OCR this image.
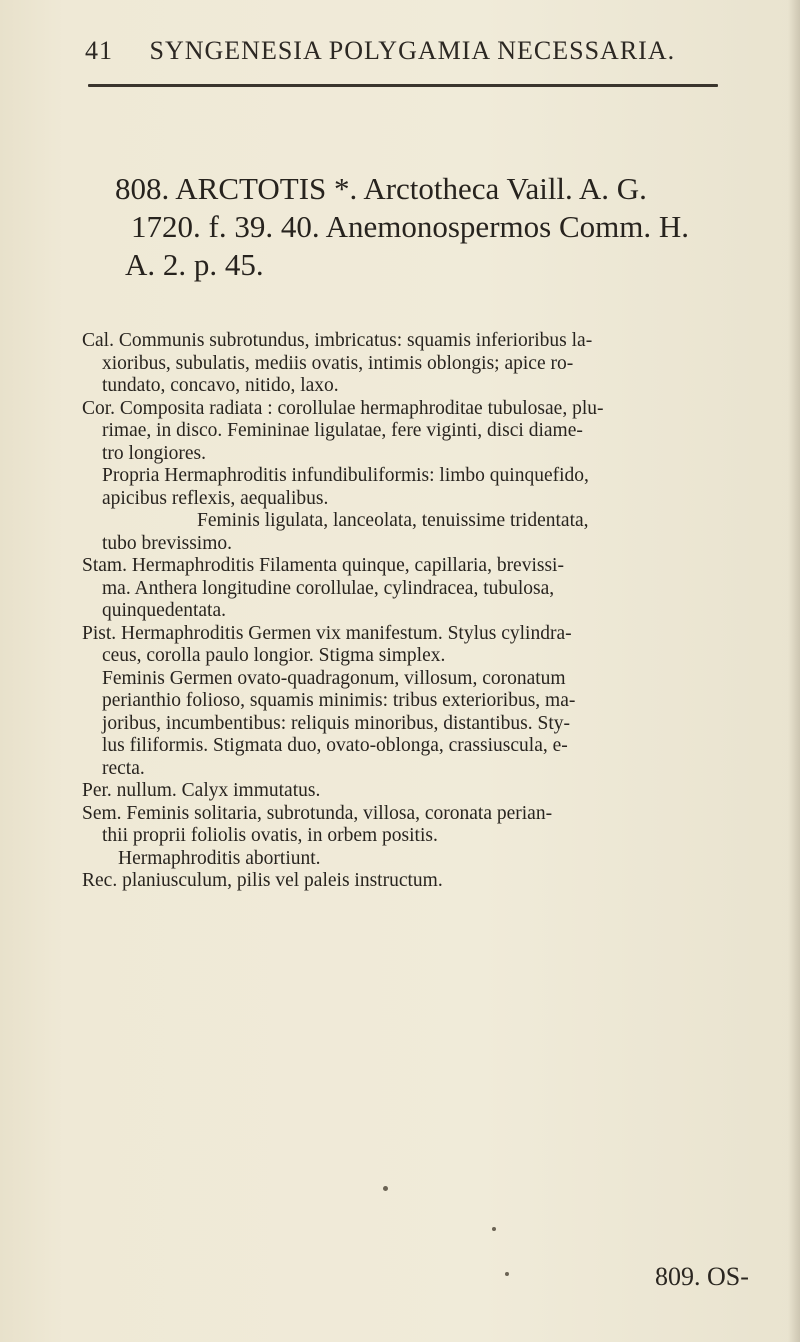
41   SYNGENESIA POLYGAMIA NECESSARIA.
808. ARCTOTIS *. Arctotheca Vaill. A. G.
1720. f. 39. 40. Anemonospermos Comm. H.
A. 2. p. 45.
Cal. Communis subrotundus, imbricatus: squamis inferioribus la-
xioribus, subulatis, mediis ovatis, intimis oblongis; apice ro-
tundato, concavo, nitido, laxo.
Cor. Composita radiata : corollulae hermaphroditae tubulosae, plu-
rimae, in disco. Femininae ligulatae, fere viginti, disci diame-
tro longiores.
Propria Hermaphroditis infundibuliformis: limbo quinquefido,
apicibus reflexis, aequalibus.
Feminis ligulata, lanceolata, tenuissime tridentata,
tubo brevissimo.
Stam. Hermaphroditis Filamenta quinque, capillaria, brevissi-
ma. Anthera longitudine corollulae, cylindracea, tubulosa,
quinquedentata.
Pist. Hermaphroditis Germen vix manifestum. Stylus cylindra-
ceus, corolla paulo longior. Stigma simplex.
Feminis Germen ovato-quadragonum, villosum, coronatum
perianthio folioso, squamis minimis: tribus exterioribus, ma-
joribus, incumbentibus: reliquis minoribus, distantibus. Sty-
lus filiformis. Stigmata duo, ovato-oblonga, crassiuscula, e-
recta.
Per. nullum. Calyx immutatus.
Sem. Feminis solitaria, subrotunda, villosa, coronata perian-
thii proprii foliolis ovatis, in orbem positis.
Hermaphroditis abortiunt.
Rec. planiusculum, pilis vel paleis instructum.
809. OS-
